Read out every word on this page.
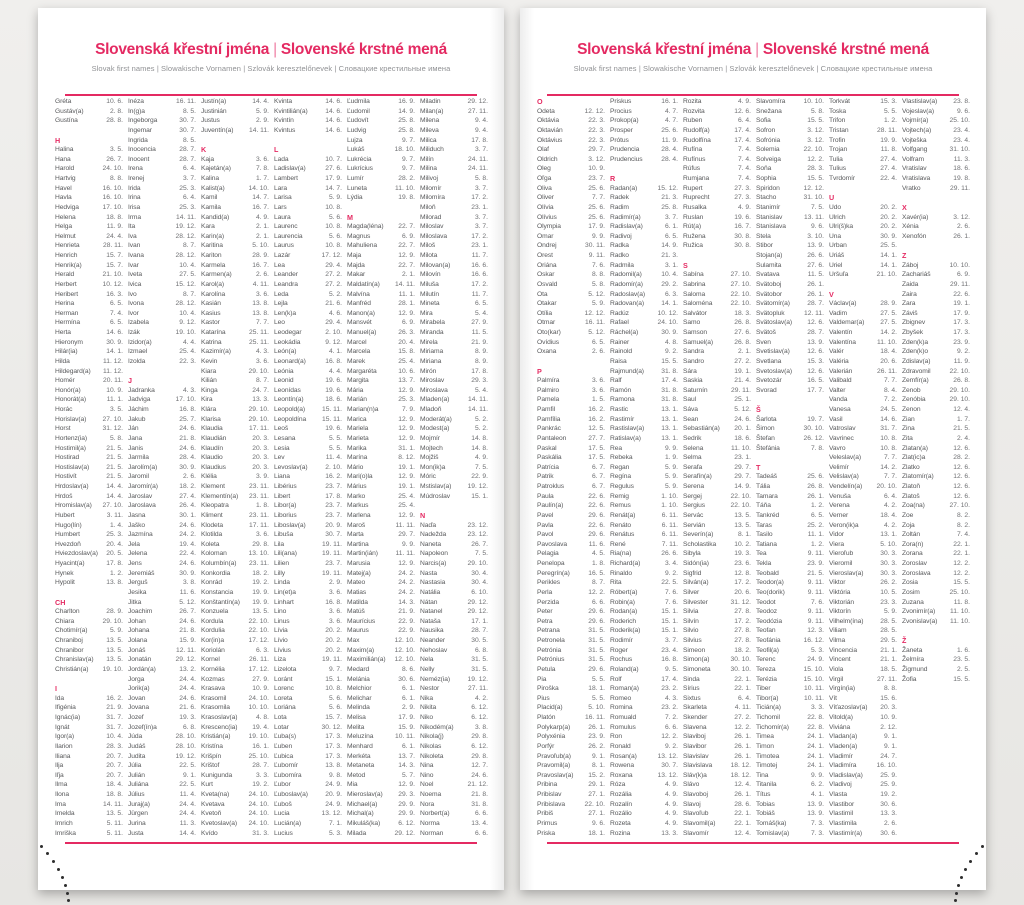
Slovenská křestní jména | Slovenské krstné mená
Slovak first names | Slowakische Vornamen | Szlovák keresztelőnevek | Словацкие крестильные имена
Gréta	10. 6.
Gustáv(a)	2. 8.
Gustína	28. 8.
H
Halina	3. 5.
Hana	26. 7.
Harold	24. 10.
Hartvig	8. 8.
Havel	16. 10.
Havla	16. 10.
Hedviga	17. 10.
Helena	18. 8.
Helga	11. 9.
Helmut	24. 4.
Henrieta	28. 11.
Henrich	15. 7.
Henrik(a)	15. 7.
Herald	21. 10.
Herbert	10. 12.
Heribert	16. 3.
Herina	6. 5.
Herman	7. 4.
Hermína	6. 5.
Herta	14. 6.
Hieronym	30. 9.
Hilár(ia)	14. 1.
Hilda	11. 12.
Hildegard(a) 11. 12.
Homér	20. 11.
Honór(a)	10. 9.
Honorát(a)	11. 1.
Horác	3. 5.
Horislav(a) 27. 10.
Horst	31. 12.
Hortenz(ia)	5. 8.
Hostimil(a)	21. 5.
Hostirad	21. 5.
Hostislav(a)	21. 5.
Hostivít	21. 5.
Hrdoslav(a)	14. 4.
Hrdoš	14. 4.
Hromislav(a) 27. 10.
Hubert	3. 11.
Hugo(lín)	1. 4.
Humbert	25. 3.
Hvezdoň	20. 4.
Hviezdoslav(a) 20. 5.
Hyacint(a)	17. 8.
Hynek	1. 2.
Hypolit	13. 8.
CH
Charlton	28. 9.
Chiara	29. 10.
Chotimír(a)	5. 9.
Chraniboj	13. 5.
Chranibor	13. 5.
Chranislav(a) 13. 5.
Christián(a) 19. 10.
I
Ida	16. 2.
Ifigénia	21. 9.
Ignác(ia)	31. 7.
Ignát	31. 7.
Igor(a)	10. 4.
Ilarion	28. 3.
Iliana	20. 7.
Ilja	20. 7.
Iľja	20. 7.
Ilma	18. 4.
Ilona	18. 8.
Ima	14. 11.
Imelda	13. 5.
Imrich	5. 11.
Imriška	5. 11.
Inéza	16. 11.
In(g)a	8. 5.
Ingeborga	30. 7.
Ingemar	30. 7.
Ingrida	8. 5.
Inocencia	28. 7.
Inocent	28. 7.
Irena	6. 4.
Irenej	3. 7.
Irida	25. 3.
Irina	6. 4.
Irisa	25. 3.
Irma	14. 11.
Ita	19. 12.
Iva	28. 12.
Ivan	8. 7.
Ivana	28. 12.
Ivar	10. 4.
Iveta	27. 5.
Ivica	15. 12.
Ivo	8. 7.
Ivona	28. 12.
Ivor	10. 4.
Izabela	9. 12.
Izák	19. 10.
Izidor(a)	4. 4.
Izmael	25. 4.
Izolda	22. 3.
J
Jadranka	4. 3.
Jadviga	17. 10.
Jáchim	16. 8.
Jakub	25. 7.
Ján	24. 6.
Jana	21. 8.
Janis	24. 6.
Jarmila	28. 4.
Jarolím(a)	30. 9.
Jaromil	2. 6.
Jaromír(a)	18. 2.
Jaroslav	27. 4.
Jaroslava	26. 4.
Jasna	30. 1.
Jaško	24. 6.
Jazmína	24. 2.
Jela	19. 4.
Jelena	22. 4.
Jens	24. 6.
Jeremiáš	30. 9.
Jerguš	3. 8.
Jesika	11. 6.
Jitka	5. 12.
Joachim	26. 7.
Johan	24. 6.
Johana	21. 8.
Jolana	15. 9.
Jonáš	12. 11.
Jonatán	29. 12.
Jordán(a)	13. 2.
Jorga	24. 4.
Jorik(a)	24. 4.
Jovan	24. 6.
Jovana	21. 6.
Jozef	19. 3.
Jozef(ín)a	6. 8.
Júda	28. 10.
Judáš	28. 10.
Judita	19. 12.
Júlia	22. 5.
Julián	9. 1.
Juliána	22. 5.
Július	11. 4.
Juraj(a)	24. 4.
Jürgen	24. 4.
Jurina	11. 3.
Justa	14. 4.
Justín(a)	14. 4.
Justinián	5. 9.
Justus	2. 9.
Juventín(a) 14. 11.
K
Kaja	3. 6.
Kajetán(a)	7. 8.
Kalina	1. 7.
Kalist(a)	14. 10.
Kamil	14. 7.
Kamila	16. 7.
Kandid(a)	4. 9.
Kara	2. 1.
Karin(a)	2. 1.
Karitina	5. 10.
Kariton	28. 9.
Karmela	16. 7.
Karmen(a)	2. 6.
Karol(a)	4. 11.
Karolína	3. 6.
Kasián	13. 8.
Kasius	13. 8.
Kastor	7. 7.
Katarína	25. 11.
Katrina	25. 11.
Kazimír(a)	4. 3.
Kevin	3. 6.
Kiara	29. 10.
Kilián	8. 7.
Kinga	24. 7.
Kira	13. 3.
Klára	29. 10.
Klarisa	29. 10.
Klaudia	17. 11.
Klaudián	20. 3.
Klaudín	20. 3.
Klaudio	20. 3.
Klaudius	20. 3.
Klélia	3. 9.
Klement	23. 11.
Klementín(a) 23. 11.
Kleopatra	1. 8.
Kliment	23. 11.
Klodeta	17. 11.
Klotilda	3. 6.
Koleta	29. 8.
Koloman	13. 10.
Kolumbín(a) 23. 11.
Konkordia	18. 2.
Konrád	19. 2.
Konstancia	19. 9.
Konštantín(a) 19. 9.
Konzuela	13. 5.
Kordula	22. 10.
Kordulia	22. 10.
Kor(in)a	17. 12.
Koriolán	6. 3.
Kornel	26. 11.
Kornélia	17. 12.
Kozmas	27. 9.
Krasava	10. 9.
Krasomil	24. 10.
Krasomila	10. 10.
Krasoslav(a)	4. 8.
Krescenc(ia) 19. 4.
Kristián(a)	19. 10.
Kristína	16. 1.
Krišpín	25. 10.
Krištof	28. 7.
Kunigunda	3. 3.
Kurt	19. 2.
Kveta(na)	24. 10.
Kvetava	24. 10.
Kvetoň	24. 10.
Kvetoslav(a) 24. 10.
Kvído	31. 3.
Kvinta	14. 6.
Kvintilián(a)	14. 6.
Kvintín	14. 6.
Kvintus	14. 6.
L
Lada	10. 7.
Ladislav(a)	27. 6.
Lambert	17. 9.
Lara	14. 7.
Larisa	5. 9.
Lars	10. 8.
Laura	5. 6.
Laurenc	10. 8.
Laurencia	5. 6.
Laurus	10. 8.
Lazár	17. 12.
Lea	29. 4.
Leander	27. 2.
Leandra	27. 2.
Leda	5. 2.
Lejla	21. 6.
Len(k)a	4. 6.
Leo	29. 4.
Leodegar	2. 10.
Leokádia	9. 12.
León(a)	4. 1.
Leonard(a)	16. 8.
Leónia	4. 4.
Leonid	19. 6.
Leonídas	19. 6.
Leontín(a)	18. 6.
Leopold(a)	15. 11.
Leopoldína 15. 11.
Leoš	19. 6.
Lesana	5. 5.
Lesia	5. 5.
Lev	11. 4.
Levoslav(a)	2. 10.
Liana	16. 2.
Libérius	23. 7.
Libert	17. 8.
Libor(a)	23. 7.
Liborius	23. 7.
Liboslav(a)	20. 9.
Libuša	30. 7.
Lila	19. 11.
Lili(ana)	19. 11.
Lilien	23. 7.
Lilly	19. 11.
Linda	2. 9.
Lin(et)a	3. 6.
Linhart	16. 8.
Lino	3. 6.
Linus	3. 6.
Lívia	20. 2.
Lívio	20. 2.
Lívius	20. 2.
Liza	19. 11.
Lizelota	9. 7.
Loránt	15. 1.
Lorenc	10. 8.
Loreta	5. 6.
Loriána	5. 6.
Lota	15. 7.
Lotar	30. 12.
Ľuba(s)	17. 3.
Ľuben	17. 3.
Ľubica	17. 3.
Ľubomír	13. 8.
Ľubomíra	9. 8.
Ľubor	24. 9.
Ľuboslav(a)	20. 9.
Ľuboš	24. 9.
Lucia	13. 12.
Lucián(a)	7. 1.
Lucius	5. 3.
Ľudmila	16. 9.
Ľudomil	14. 9.
Ľudovít	25. 8.
Ludvig	25. 8.
Lujza	9. 7.
Lukáš	18. 10.
Lukrécia	9. 7.
Lukrícius	9. 7.
Lumír	28. 2.
Luneta	11. 10.
Lýdia	19. 8.
M
Magda(léna) 22. 7.
Magnus	6. 9.
Mahuliena	22. 7.
Maja	12. 9.
Majda	22. 7.
Makar	2. 1.
Maldatín(a) 14. 11.
Malvína	11. 1.
Manfréd	28. 1.
Manon(a)	12. 9.
Mansvét	6. 9.
Manuel(a)	26. 3.
Marcel	20. 4.
Marcela	15. 8.
Marek	25. 4.
Margaréta	10. 6.
Margita	13. 7.
Mária	12. 9.
Marián	25. 3.
Marian(n)a	7. 9.
Marica	12. 9.
Mariela	12. 9.
Marieta	12. 9.
Marika	31. 1.
Marína	8. 12.
Mário	19. 1.
Mari(o)la	12. 9.
Márius	19. 1.
Marko	25. 4.
Markus	25. 4.
Marlena	12. 9.
Maroš	11. 11.
Marta	29. 7.
Martina	9. 9.
Martin(ián)	11. 11.
Marusia	12. 9.
Matej(a)	24. 2.
Mateo	24. 2.
Matias	24. 2.
Matilda	14. 3.
Matúš	21. 9.
Maurícius	22. 9.
Maurus	22. 9.
Max	12. 10.
Maxim(a)	12. 10.
Maximilián(a) 12. 10.
Medard	8. 6.
Melánia	30. 6.
Melchior	6. 1.
Melichar	6. 1.
Melinda	2. 9.
Melisa	17. 9.
Melita	15. 9.
Meluzína	10. 11.
Menhard	6. 1.
Merkéta	13. 7.
Metaneta	14. 3.
Metod	5. 7.
Mia	12. 9.
Mieroslav(a) 29. 3.
Michael(a)	29. 9.
Michal(a)	29. 9.
Mikuláš(ka)	6. 12.
Milada	29. 12.
Miladin	29. 12.
Milan(a)	27. 11.
Milena	9. 4.
Mileva	9. 4.
Milica	17. 8.
Miliduch	3. 7.
Milín	24. 11.
Milina	24. 11.
Milivoj	5. 8.
Milomír	3. 7.
Milomíra	17. 2.
Miloň	23. 1.
Milorad	3. 7.
Miloslav	3. 7.
Miloslava	17. 2.
Miloš	23. 1.
Milota	11. 7.
Milovan(a)	16. 6.
Milovín	16. 6.
Miluša	17. 2.
Milutín	11. 7.
Mineta	6. 5.
Mira	5. 4.
Mirabela	27. 9.
Miranda	11. 5.
Mirela	21. 9.
Miriama	8. 9.
Miriana	8. 9.
Mirón	17. 8.
Miroslav	29. 3.
Miroslava	5. 4.
Mladen(a)	14. 11.
Mladoň	14. 11.
Moderát(a)	5. 2.
Modest(a)	5. 2.
Mojmír	14. 8.
Mojtech	14. 8.
Mojžiš	4. 9.
Mon(ik)a	7. 5.
Móric	22. 9.
Mstislav(a) 19. 12.
Múdroslav	15. 1.
N
Naďa	23. 12.
Nadežda	23. 12.
Naneta	26. 7.
Napoleon	7. 5.
Narcis(a)	29. 10.
Nasta	30. 4.
Nastasia	30. 4.
Natália	6. 10.
Nátan	29. 12.
Natanel	29. 12.
Nataša	17. 1.
Nausika	28. 7.
Neander	30. 5.
Nehoslav	6. 8.
Nela	31. 5.
Nelly	31. 5.
Neméz(ia)	19. 12.
Nestor	27. 11.
Nika	4. 2.
Nikita	6. 12.
Niko	6. 12.
Nikodém(a)	3. 8.
Nikola(j)	29. 8.
Nikolas	6. 12.
Nikoleta	29. 8.
Nina	12. 7.
Nino	24. 6.
Noel	21. 12.
Noema	21. 8.
Nora	31. 8.
Norbert(a)	6. 6.
Norma	13. 4.
Norman	6. 6.
Slovenská křestní jména | Slovenské krstné mená
Slovak first names | Slowakische Vornamen | Szlovák keresztelőnevek | Словацкие крестильные имена
O
Odeta	12. 12.
Oktávia	22. 3.
Oktavián	22. 3.
Oktávius	22. 3.
Olaf	29. 7.
Oldrich	3. 12.
Oleg	10. 9.
Oľga	23. 7.
Oliva	25. 6.
Oliver	7. 7.
Olívia	25. 6.
Olívius	25. 6.
Olympia	17. 9.
Omar	9. 9.
Ondrej	30. 11.
Orest	9. 11.
Oriána	7. 6.
Oskar	8. 8.
Osvald	5. 8.
Ota	5. 12.
Otakar	5. 9.
Otília	12. 12.
Otmar	16. 11.
Oto(kar)	5. 12.
Ovídius	6. 5.
Oxana	2. 6.
P
Palmíra	3. 6.
Palmiro	3. 6.
Pamela	1. 5.
Pamfil	16. 2.
Pamfília	16. 2.
Pankrác	12. 5.
Pantaleon	27. 7.
Paskal	17. 5.
Paskália	17. 5.
Patrícia	6. 7.
Patrik	6. 7.
Patroklus	6. 7.
Paula	22. 6.
Paulín(a)	22. 6.
Pavel	29. 6.
Pavla	22. 6.
Pavol	29. 6.
Pavoslava	11. 6.
Pelagia	4. 5.
Penelopa	1. 8.
Peregrín(a)	16. 5.
Perikles	8. 7.
Perla	12. 2.
Perzida	6. 6.
Peter	29. 6.
Petra	29. 6.
Petrana	31. 5.
Petronela	31. 5.
Petrónia	31. 5.
Petrónius	31. 5.
Petula	29. 6.
Pia	5. 5.
Piroška	18. 1.
Pius	5. 5.
Placid(a)	5. 10.
Platón	16. 11.
Polykarp(a)	26. 1.
Polyxénia	23. 9.
Porfýr	26. 2.
Pravoľub(a)	9. 1.
Pravomil(a)	8. 1.
Pravoslav(a) 15. 2.
Pribina	29. 1.
Pribislav	27. 1.
Pribislava	22. 10.
Pribiš	27. 1.
Primus	9. 6.
Priska	18. 1.
Priskus	16. 1.
Procius	4. 7.
Prokop(a)	4. 7.
Prosper	25. 6.
Prótus	11. 9.
Prudencia	28. 4.
Prudencius	28. 4.
R
Radan(a)	15. 12.
Radek	21. 3.
Radim	25. 8.
Radimír(a)	3. 7.
Radislav(a)	6. 1.
Radivoj	6. 5.
Radka	14. 9.
Radko	21. 3.
Radmila	3. 1.
Radomil(a)	10. 4.
Radomír(a)	29. 2.
Radoslav(a)	6. 3.
Radovan(a)	14. 1.
Radúz	10. 12.
Rafael	24. 10.
Ráchel(a)	30. 9.
Rainer	4. 8.
Rainold	9. 2.
Raisa	15. 5.
Rajmund(a)	31. 8.
Ralf	17. 4.
Ramón	31. 8.
Ramona	31. 8.
Rastic	13. 1.
Rastimír	13. 1.
Rastislav(a)	13. 1.
Ratislav(a)	13. 1.
Rea	9. 9.
Rebeka	1. 9.
Regan	5. 9.
Regína	5. 9.
Regulus	5. 9.
Remig	1. 10.
Remus	1. 10.
Renát(a)	6. 11.
Renáto	6. 11.
Renátus	6. 11.
René	7. 11.
Ria(na)	26. 6.
Richard(a)	3. 4.
Rinaldo	9. 2.
Rita	22. 5.
Róbert(a)	7. 6.
Robin(a)	7. 6.
Rodan(a)	15. 1.
Roderich	15. 1.
Roderik(a)	15. 1.
Rodimír	3. 7.
Roger	23. 4.
Rochus	16. 8.
Roland(a)	9. 5.
Rolf	17. 4.
Roman(a)	23. 2.
Romeo	4. 3.
Romina	23. 2.
Romuald	7. 2.
Romulus	6. 6.
Ron	12. 2.
Ronald	9. 2.
Rosan(a)	13. 12.
Rowena	30. 7.
Roxana	13. 12.
Róza	4. 9.
Rozália	4. 9.
Rozalín	4. 9.
Rozálio	4. 9.
Rozeta	4. 9.
Rozina	13. 3.
Rozita	4. 9.
Rozvita	12. 6.
Ruben	6. 4.
Rudolf(a)	17. 4.
Rudolfína	17. 4.
Rufína	7. 4.
Rufínus	7. 4.
Rúfus	7. 4.
Rumjana	7. 4.
Rupert	27. 3.
Ruprecht	27. 3.
Rusalka	4. 9.
Ruslan	19. 6.
Rút(a)	16. 7.
Ružena	30. 8.
Ružica	30. 8.
S
Sabína	27. 10.
Sabrina	27. 10.
Saloma	22. 10.
Saloména	22. 10.
Salvátor	18. 3.
Samo	26. 8.
Samson	27. 6.
Samuel(a)	26. 8.
Sandra	2. 1.
Sandro	27. 2.
Sára	19. 1.
Saskia	21. 4.
Saturnín	29. 11.
Saul	25. 1.
Sáva	5. 12.
Sean	24. 6.
Sebastián(a) 20. 1.
Sedrik	18. 6.
Selena	11. 10.
Selma	23. 1.
Serafa	29. 7.
Serafín(a)	29. 7.
Serena	14. 9.
Sergej	22. 10.
Sergius	22. 10.
Servác	13. 5.
Servián	13. 5.
Severín(a)	8. 1.
Scholastika	10. 2.
Sibyla	19. 3.
Sidón(ia)	23. 6.
Sigfrid	12. 8.
Silván(a)	17. 2.
Silver	20. 6.
Silvester	31. 12.
Silvia	27. 8.
Silvín	17. 2.
Silvio	27. 8.
Silvius	27. 8.
Simeon	18. 2.
Simon(a)	30. 10.
Simoneta	30. 10.
Sinda	22. 1.
Sírius	22. 1.
Sixtus	6. 4.
Skarleta	4. 11.
Skender	27. 2.
Slavena	12. 2.
Slaviboj	26. 1.
Slavibor	26. 1.
Slavislav	26. 1.
Slavislava	18. 12.
Sláv(k)a	18. 12.
Slávo	12. 4.
Slavoboj	26. 1.
Slavoj	28. 6.
Slavoľub	22. 1.
Slavomil(a)	22. 1.
Slavomír	12. 4.
Slavomíra	10. 10.
Snežana	5. 8.
Sofia	15. 5.
Sofron	3. 12.
Sofrónia	3. 12.
Solemia	22. 10.
Solveiga	12. 2.
Soňa	28. 3.
Sophia	15. 5.
Spiridon	12. 12.
Stacho	31. 10.
Stanimír	7. 5.
Stanislav	13. 11.
Stanislava	9. 6.
Stela	3. 10.
Stibor	13. 9.
Stojan(a)	26. 6.
Sulamita	27. 6.
Svatava	11. 5.
Svätoboj	26. 1.
Svätobor	26. 1.
Svätomír(a)	28. 7.
Svätopluk	12. 11.
Svätoslav(a) 12. 6.
Svätoš	28. 7.
Sven	13. 9.
Svetislav(a)	12. 6.
Svetlana	15. 3.
Svetoslav(a) 12. 6.
Svetozár	16. 5.
Svorad	17. 7.
Š
Šarlota	19. 7.
Šimon	30. 10.
Štefan	26. 12.
Štefánia	7. 8.
T
Tadeáš	25. 6.
Tália	26. 8.
Tamara	26. 1.
Táňa	1. 2.
Tankréd	6. 5.
Taras	25. 2.
Tasilo	11. 1.
Tatiana	1. 2.
Tea	9. 11.
Tekla	23. 9.
Teobald	21. 5.
Teodor(a)	9. 11.
Teo(dorik)	9. 11.
Teodot	7. 6.
Teodoz	9. 11.
Teodózia	9. 11.
Teofan	12. 3.
Teofánia	16. 12.
Teofil(a)	5. 3.
Terenc	24. 9.
Tereza	15. 10.
Terézia	15. 10.
Tiber	10. 11.
Tibor(a)	10. 11.
Ticián(a)	3. 3.
Tichomil	22. 8.
Tichomír(a)	22. 8.
Timea	24. 1.
Timon	24. 1.
Timotea	24. 1.
Timotej	24. 1.
Tina	9. 9.
Titanila	6. 2.
Títus	4. 1.
Tobias	13. 9.
Tobiáš	13. 9.
Tomáš(ka)	7. 3.
Tomislav(a)	7. 3.
Torkvát	15. 3.
Toska	5. 5.
Trifon	1. 2.
Tristan	28. 11.
Trofin	19. 9.
Trojan	11. 8.
Tulia	27. 4.
Tulius	27. 4.
Tvrdomír	22. 4.
U
Udo	20. 2.
Ulrich	20. 2.
Ulri(š)ka	20. 2.
Una	30. 9.
Urban	25. 5.
Uriáš	14. 1.
Uriel	14. 1.
Uršuľa	21. 10.
V
Václav(a)	28. 9.
Vadim	27. 5.
Valdemar(a) 27. 5.
Valentín	14. 2.
Valentína	11. 10.
Valér	18. 4.
Valéria	20. 6.
Valerián	26. 11.
Valibald	7. 7.
Valter	8. 4.
Vanda	7. 2.
Vanesa	24. 5.
Vasil	14. 6.
Vatroslav	31. 7.
Vavrinec	10. 8.
Vavro	10. 8.
Veleslav(a)	7. 7.
Velimír	14. 2.
Velislav(a)	7. 7.
Vendelín(a) 20. 10.
Venuša	6. 4.
Verena	4. 2.
Verner	18. 4.
Veron(ik)a	4. 2.
Vidor	13. 1.
Viera	5. 10.
Vieroľub	30. 3.
Vieromil	30. 3.
Vieroslav(a)	30. 3.
Viktor	26. 2.
Viktória	10. 5.
Viktorián	23. 3.
Viktorín	5. 9.
Vilhelm(ína)	28. 5.
Viliam	28. 5.
Vilma	29. 5.
Vincencia	21. 1.
Vincent	21. 1.
Viola	18. 5.
Virgil	27. 11.
Virgín(ia)	8. 8.
Vít	15. 6.
Víťazoslav(a) 20. 3.
Vitold(a)	10. 9.
Viviána	2. 12.
Vladan(a)	9. 1.
Vladen(a)	9. 1.
Vladimír	24. 7.
Vladimíra	16. 10.
Vladislav(a)	25. 9.
Vladivoj	25. 9.
Vlasta	19. 2.
Vlastibor	30. 6.
Vlastimil	13. 3.
Vlastimila	2. 6.
Vlastimír(a)	30. 6.
Vlastislav(a) 23. 8.
Vojeslav(a)	9. 6.
Vojmír(a)	25. 10.
Vojtech(a)	23. 4.
Vojteška	23. 4.
Volfgang	31. 10.
Volfram	11. 3.
Vratislav	18. 6.
Vratislava	19. 8.
Vratko	29. 11.
X
Xavér(ia)	3. 12.
Xénia	2. 6.
Xenofón	26. 1.
Z
Záboj	10. 10.
Zachariáš	6. 9.
Zaida	29. 11.
Zaira	22. 6.
Zara	19. 1.
Záviš	17. 9.
Zbignev	17. 3.
Zbyšek	17. 3.
Zden(k)a	23. 9.
Zden(k)o	9. 2.
Zdislav(a)	11. 9.
Zdravomil	22. 10.
Zemfír(a)	26. 8.
Zenob	29. 10.
Zenóbia	29. 10.
Zenon	12. 4.
Zian	1. 7.
Zina	21. 5.
Zita	2. 4.
Zlatan(a)	12. 6.
Zlat(ic)a	28. 2.
Zlatko	12. 6.
Zlatomír(a)	12. 6.
Zlatoň	12. 6.
Zlatoš	12. 6.
Zoa(na)	27. 10.
Zoe	8. 2.
Zoja	8. 2.
Zoltán	7. 4.
Zora(n)	22. 1.
Zorana	22. 1.
Zoroslav	12. 2.
Zoroslava	12. 2.
Zosia	15. 5.
Zosim	25. 10.
Zuzana	11. 8.
Zvonimír(a) 11. 10.
Zvonislav(a) 11. 10.
Ž
Žaneta	1. 6.
Želmíra	23. 5.
Žigmund	2. 5.
Žofia	15. 5.
